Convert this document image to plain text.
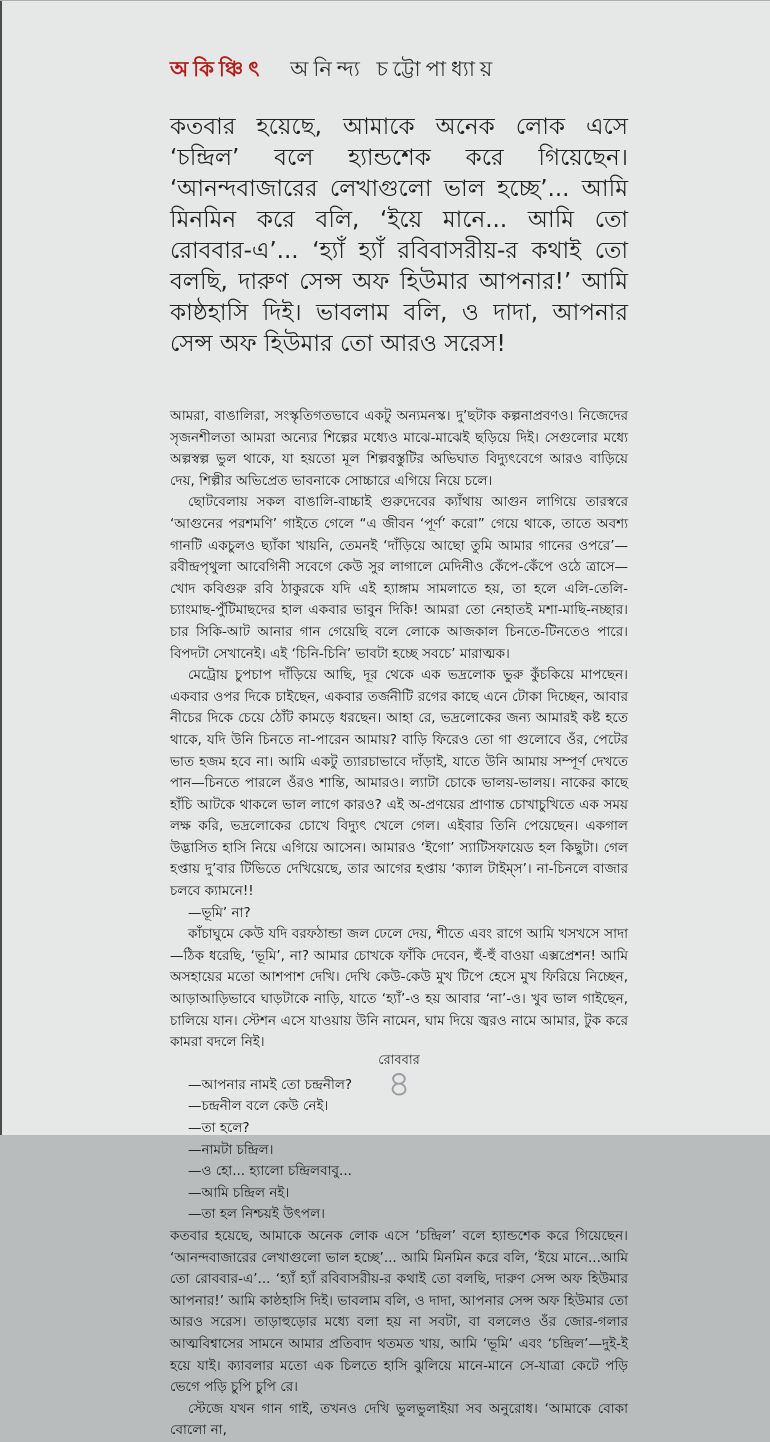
অকিঞ্চিৎ অনিন্দ্য চট্টোপাধ্যায়

কতবার হয়েছে, আমাকে অনেক লোক এসে ‘চন্দ্রিল’ বলে হ্যান্ডশেক করে গিয়েছেন। ‘আনন্দবাজারের লেখাগুলো ভাল হচ্ছে’... আমি মিনমিন করে বলি, ‘ইয়ে মানে... আমি তো রোববার-এ’... ‘হ্যাঁ হ্যাঁ রবিবাসরীয়-র কথাই তো বলছি, দারুণ সেন্স অফ হিউমার আপনার!’ আমি কাষ্ঠহাসি দিই। ভাবলাম বলি, ও দাদা, আপনার সেন্স অফ হিউমার তো আরও সরেস!

আমরা, বাঙালিরা, সংস্কৃতিগতভাবে একটু অন্যমনস্ক। দু’ছটাক কল্পনাপ্রবণও। নিজেদের সৃজনশীলতা আমরা অন্যের শিল্পের মধ্যেও মাঝে-মাঝেই ছড়িয়ে দিই। সেগুলোর মধ্যে অল্পস্বল্প ভুল থাকে, যা হয়তো মূল শিল্পবস্তুটির অভিঘাত বিদ্যুৎবেগে আরও বাড়িয়ে দেয়, শিল্পীর অভিপ্রেত ভাবনাকে সোচ্চারে এগিয়ে নিয়ে চলে।

ছোটবেলায় সকল বাঙালি-বাচ্চাই গুরুদেবের ক্যাঁথায় আগুন লাগিয়ে তারস্বরে ‘আগুনের পরশমণি’ গাইতে গেলে “এ জীবন ‘পূর্ণ’ করো” গেয়ে থাকে, তাতে অবশ্য গানটি একচুলও ছ্যাঁকা খায়নি, তেমনই ‘দাঁড়িয়ে আছো তুমি আমার গানের ওপরে’—রবীন্দ্রপৃথুলা আবেগিনী সবেগে কেউ সুর লাগালে মেদিনীও কেঁপে-কেঁপে ওঠে ত্রাসে—খোদ কবিগুরু রবি ঠাকুরকে যদি এই হ্যাঙ্গাম সামলাতে হয়, তা হলে এলি-তেলি-চ্যাংমাছ-পুঁটিমাছদের হাল একবার ভাবুন দিকি! আমরা তো নেহাতই মশা-মাছি-নচ্ছার। চার সিকি-আট আনার গান গেয়েছি বলে লোকে আজকাল চিনতে-টিনতেও পারে। বিপদটা সেখানেই। এই ‘চিনি-চিনি’ ভাবটা হচ্ছে সবচে’ মারাত্মক।

মেট্রোয় চুপচাপ দাঁড়িয়ে আছি, দূর থেকে এক ভদ্রলোক ভুরু কুঁচকিয়ে মাপছেন। একবার ওপর দিকে চাইছেন, একবার তর্জনীটি রগের কাছে এনে টোকা দিচ্ছেন, আবার নীচের দিকে চেয়ে ঠোঁট কামড়ে ধরছেন। আহা রে, ভদ্রলোকের জন্য আমারই কষ্ট হতে থাকে, যদি উনি চিনতে না-পারেন আমায়? বাড়ি ফিরেও তো গা গুলোবে ওঁর, পেটের ভাত হজম হবে না। আমি একটু ত্যারচাভাবে দাঁড়াই, যাতে উনি আমায় সম্পূর্ণ দেখতে পান—চিনতে পারলে ওঁরও শান্তি, আমারও। ল্যাটা চোকে ভালয়-ভালয়। নাকের কাছে হাঁচি আটকে থাকলে ভাল লাগে কারও? এই অ-প্রণয়ের প্রাণান্ত চোখাচুখিতে এক সময় লক্ষ করি, ভদ্রলোকের চোখে বিদ্যুৎ খেলে গেল। এইবার তিনি পেয়েছেন। একগাল উদ্ভাসিত হাসি নিয়ে এগিয়ে আসেন। আমারও ‘ইগো’ স্যাটিসফায়েড হল কিছুটা। গেল হপ্তায় দু’বার টিভিতে দেখিয়েছে, তার আগের হপ্তায় ‘ক্যাল টাইম্‌স’। না-চিনলে বাজার চলবে ক্যামনে!!

—ভূমি’ না?

কাঁচাঘুমে কেউ যদি বরফঠান্ডা জল ঢেলে দেয়, শীতে এবং রাগে আমি খসখসে সাদা—ঠিক ধরেছি, ‘ভূমি’, না? আমার চোখকে ফাঁকি দেবেন, হুঁ-হুঁ বাওয়া এক্সপ্রেশন! আমি অসহায়ের মতো আশপাশ দেখি। দেখি কেউ-কেউ মুখ টিপে হেসে মুখ ফিরিয়ে নিচ্ছেন, আড়াআড়িভাবে ঘাড়টাকে নাড়ি, যাতে ‘হ্যাঁ’-ও হয় আবার ‘না’-ও। খুব ভাল গাইছেন, চালিয়ে যান। স্টেশন এসে যাওয়ায় উনি নামেন, ঘাম দিয়ে জ্বরও নামে আমার, টুক করে কামরা বদলে নিই।

—আপনার নামই তো চন্দ্রনীল?

—চন্দ্রনীল বলে কেউ নেই।

—তা হলে?

—নামটা চন্দ্রিল।

—ও হো... হ্যালো চন্দ্রিলবাবু...

—আমি চন্দ্রিল নই।

—তা হল নিশ্চয়ই উৎপল।

কতবার হয়েছে, আমাকে অনেক লোক এসে ‘চন্দ্রিল’ বলে হ্যান্ডশেক করে গিয়েছেন। ‘আনন্দবাজারের লেখাগুলো ভাল হচ্ছে’... আমি মিনমিন করে বলি, ‘ইয়ে মানে...আমি তো রোববার-এ’... ‘হ্যাঁ হ্যাঁ রবিবাসরীয়-র কথাই তো বলছি, দারুণ সেন্স অফ হিউমার আপনার!’ আমি কাষ্ঠহাসি দিই। ভাবলাম বলি, ও দাদা, আপনার সেন্স অফ হিউমার তো আরও সরেস। তাড়াহুড়োর মধ্যে বলা হয় না সবটা, বা বললেও ওঁর জোর-গলার আত্মবিশ্বাসের সামনে আমার প্রতিবাদ থতমত খায়, আমি ‘ভূমি’ এবং ‘চন্দ্রিল’—দুই-ই হয়ে যাই। ক্যাবলার মতো এক চিলতে হাসি ঝুলিয়ে মানে-মানে সে-যাত্রা কেটে পড়ি ভেগে পড়ি চুপি চুপি রে।

স্টেজে যখন গান গাই, তখনও দেখি ভুলভুলাইয়া সব অনুরোধ। ‘আমাকে বোকা বোলো না,

রোববার
৪
